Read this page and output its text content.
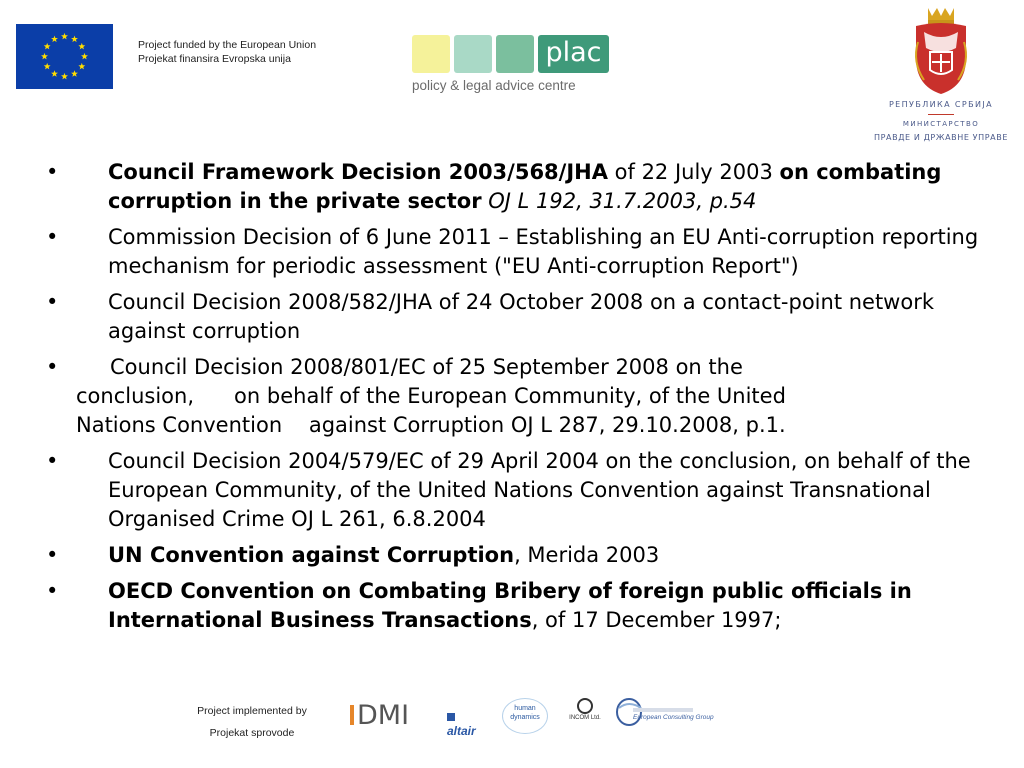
Project funded by the European Union
Projekat finansira Evropska unija	plac
policy & legal advice centre
РЕПУБЛИКА СРБИЈА
МИНИСТАРСТВО
ПРАВДЕ И ДРЖАВНЕ УПРАВЕ
• Council Framework Decision 2003/568/JHA of 22 July 2003 on combating corruption in the private sector OJ L 192, 31.7.2003, p.54
• Commission Decision of 6 June 2011 – Establishing an EU Anti-corruption reporting mechanism for periodic assessment ("EU Anti-corruption Report")
• Council Decision 2008/582/JHA of 24 October 2008 on a contact-point network against corruption
•	Council Decision 2008/801/EC of 25 September 2008 on the
conclusion,      on behalf of the European Community, of the United
Nations Convention    against Corruption OJ L 287, 29.10.2008, p.1.
• Council Decision 2004/579/EC of 29 April 2004 on the conclusion, on behalf of the European Community, of the United Nations Convention against Transnational Organised Crime OJ L 261, 6.8.2004
• UN Convention against Corruption, Merida 2003
• OECD Convention on Combating Bribery of foreign public officials in International Business Transactions, of 17 December 1997;
Project implemented by
Projekat sprovode
DMI	altair
human dynamics	INCOM Ltd.	European Consulting Group
